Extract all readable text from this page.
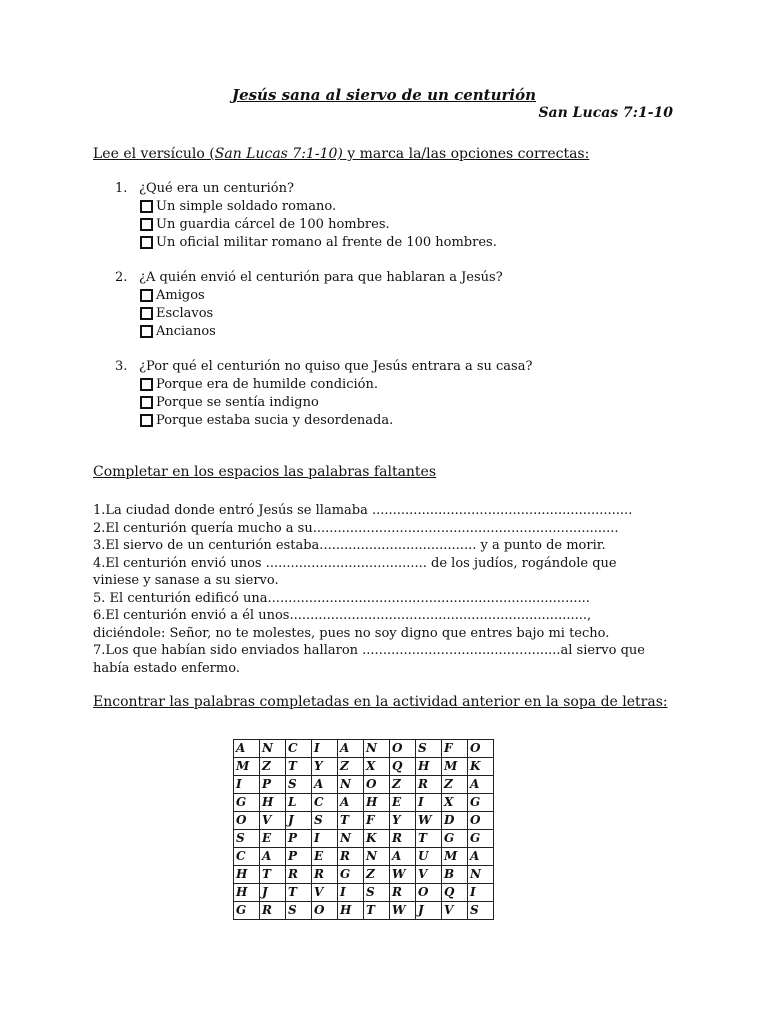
Jesús sana al siervo de un centurión
San Lucas 7:1-10
Lee el versículo (San Lucas 7:1-10) y marca la/las opciones correctas:
1. ¿Qué era un centurión?
Un simple soldado romano.
Un guardia cárcel de 100 hombres.
Un oficial militar romano al frente de 100 hombres.
2. ¿A quién envió el centurión para que hablaran a Jesús?
Amigos
Esclavos
Ancianos
3. ¿Por qué el centurión no quiso que Jesús entrara a su casa?
Porque era de humilde condición.
Porque se sentía indigno
Porque estaba sucia y desordenada.
Completar en los espacios las palabras faltantes
1.La ciudad donde entró Jesús se llamaba ...............................................................
2.El centurión quería mucho a su..........................................................................
3.El siervo de un centurión estaba...................................... y a punto de morir.
4.El centurión envió unos ....................................... de los judíos, rogándole que viniese y sanase a su siervo.
5. El centurión edificó una..............................................................................
6.El centurión envió a él unos........................................................................, diciéndole: Señor, no te molestes, pues no soy digno que entres bajo mi techo.
7.Los que habían sido enviados hallaron ................................................al siervo que había estado enfermo.
Encontrar las palabras completadas en la actividad anterior en la sopa de letras:
A	N	C	I	A	N	O	S	F	O
M	Z	T	Y	Z	X	Q	H	M	K
I	P	S	A	N	O	Z	R	Z	A
G	H	L	C	A	H	E	I	X	G
O	V	J	S	T	F	Y	W	D	O
S	E	P	I	N	K	R	T	G	G
C	A	P	E	R	N	A	U	M	A
H	T	R	R	G	Z	W	V	B	N
H	J	T	V	I	S	R	O	Q	I
G	R	S	O	H	T	W	J	V	S
